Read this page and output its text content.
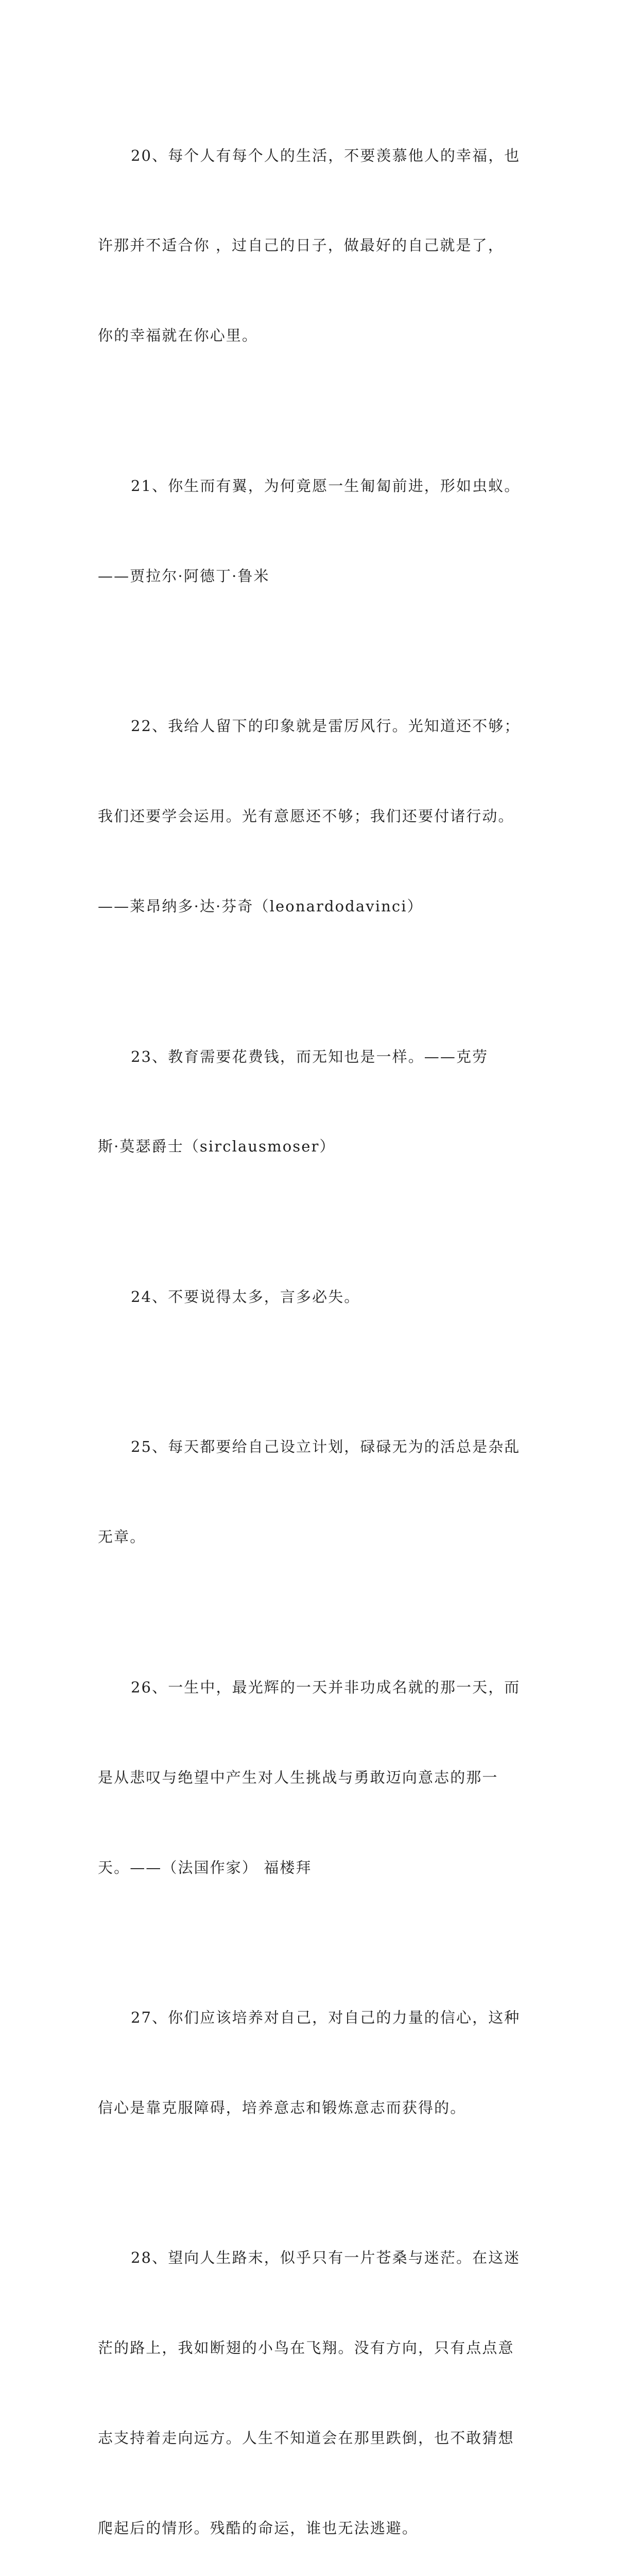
20、每个人有每个人的生活，不要羡慕他人的幸福，也

许那并不适合你 ，过自己的日子，做最好的自己就是了，

你的幸福就在你心里。

21、你生而有翼，为何竟愿一生匍匐前进，形如虫蚁。

——贾拉尔·阿德丁·鲁米

22、我给人留下的印象就是雷厉风行。光知道还不够；

我们还要学会运用。光有意愿还不够；我们还要付诸行动。

——莱昂纳多·达·芬奇（leonardodavinci）

23、教育需要花费钱，而无知也是一样。——克劳

斯·莫瑟爵士（sirclausmoser）

24、不要说得太多，言多必失。

25、每天都要给自己设立计划，碌碌无为的活总是杂乱

无章。

26、一生中，最光辉的一天并非功成名就的那一天，而

是从悲叹与绝望中产生对人生挑战与勇敢迈向意志的那一

天。——（法国作家） 福楼拜

27、你们应该培养对自己，对自己的力量的信心，这种

信心是靠克服障碍，培养意志和锻炼意志而获得的。

28、望向人生路末，似乎只有一片苍桑与迷茫。在这迷

茫的路上，我如断翅的小鸟在飞翔。没有方向，只有点点意

志支持着走向远方。人生不知道会在那里跌倒，也不敢猜想

爬起后的情形。残酷的命运，谁也无法逃避。
